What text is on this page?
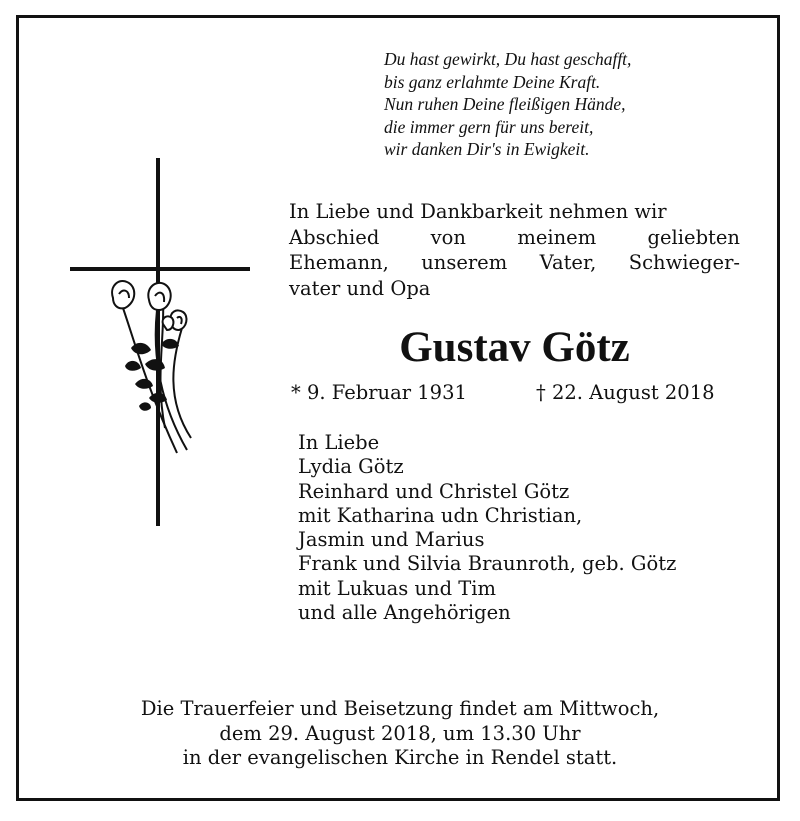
Du hast gewirkt, Du hast geschafft,
bis ganz erlahmte Deine Kraft.
Nun ruhen Deine fleißigen Hände,
die immer gern für uns bereit,
wir danken Dir's in Ewigkeit.
In Liebe und Dankbarkeit nehmen wir
Abschied von meinem geliebten
Ehemann, unserem Vater, Schwieger-
vater und Opa
Gustav Götz
* 9. Februar 1931	† 22. August 2018
In Liebe
Lydia Götz
Reinhard und Christel Götz
mit Katharina udn Christian,
Jasmin und Marius
Frank und Silvia Braunroth, geb. Götz
mit Lukuas und Tim
und alle Angehörigen
Die Trauerfeier und Beisetzung findet am Mittwoch,
dem 29. August 2018, um 13.30 Uhr
in der evangelischen Kirche in Rendel statt.
